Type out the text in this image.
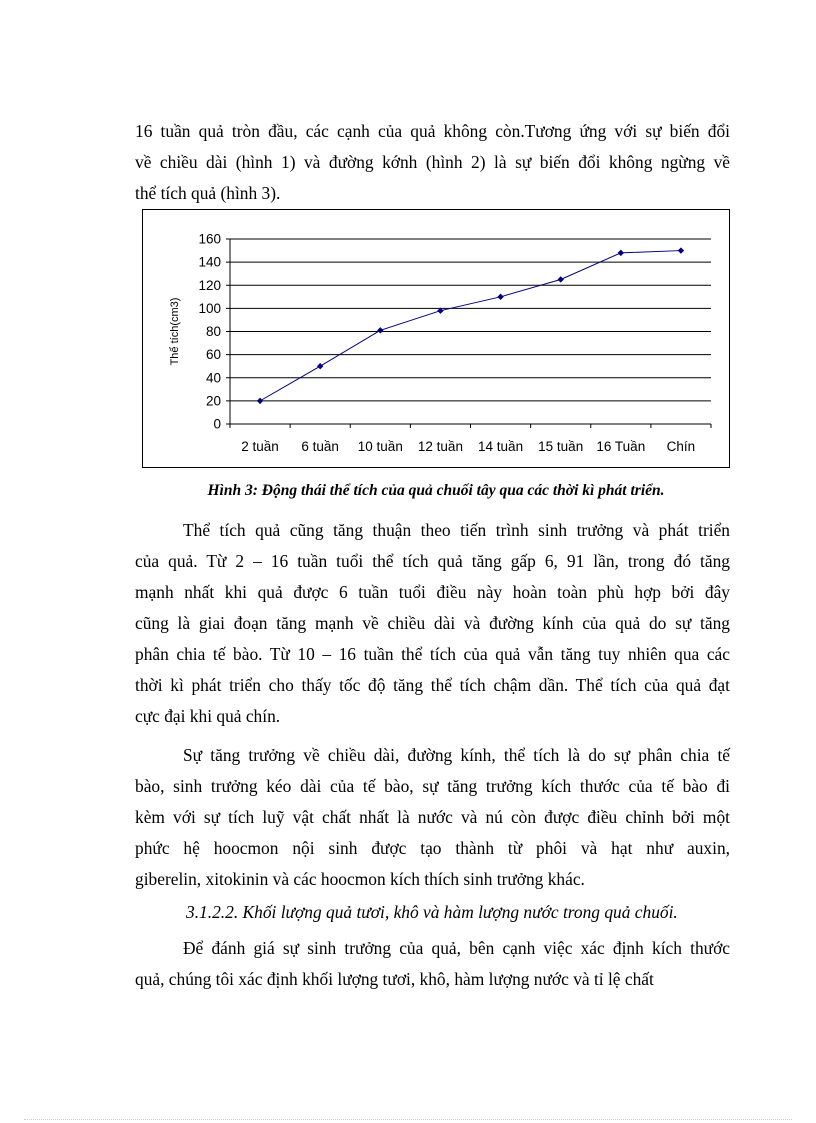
16 tuần quả tròn đầu, các cạnh của quả không còn.Tương ứng với sự biến đổi
về chiều dài (hình 1) và đường kớnh (hình 2) là sự biến đổi không ngừng về
thể tích quả (hình 3).

0
20
40
60
80
100
120
140
160
2 tuần 6 tuần 10 tuần 12 tuần 14 tuần 15 tuần 16 Tuần Chín
Thể tích(cm3)

Hình 3: Động thái thể tích của quả chuối tây qua các thời kì phát triển.

Thể tích quả cũng tăng thuận theo tiến trình sinh trưởng và phát triển
của quả. Từ 2 – 16 tuần tuổi thể tích quả tăng gấp 6, 91 lần, trong đó tăng
mạnh nhất khi quả được 6 tuần tuổi điều này hoàn toàn phù hợp bởi đây
cũng là giai đoạn tăng mạnh về chiều dài và đường kính của quả do sự tăng
phân chia tế bào. Từ 10 – 16 tuần thể tích của quả vẫn tăng tuy nhiên qua các
thời kì phát triển cho thấy tốc độ tăng thể tích chậm dần. Thể tích của quả đạt
cực đại khi quả chín.

Sự tăng trưởng về chiều dài, đường kính, thể tích là do sự phân chia tế
bào, sinh trưởng kéo dài của tế bào, sự tăng trưởng kích thước của tế bào đi
kèm với sự tích luỹ vật chất nhất là nước và nú còn được điều chỉnh bởi một
phức hệ hoocmon nội sinh được tạo thành từ phôi và hạt như auxin,
giberelin, xitokinin và các hoocmon kích thích sinh trưởng khác.

3.1.2.2. Khối lượng quả tươi, khô và hàm lượng nước trong quả chuối.

Để đánh giá sự sinh trưởng của quả, bên cạnh việc xác định kích thước
quả, chúng tôi xác định khối lượng tươi, khô, hàm lượng nước và tỉ lệ chất
